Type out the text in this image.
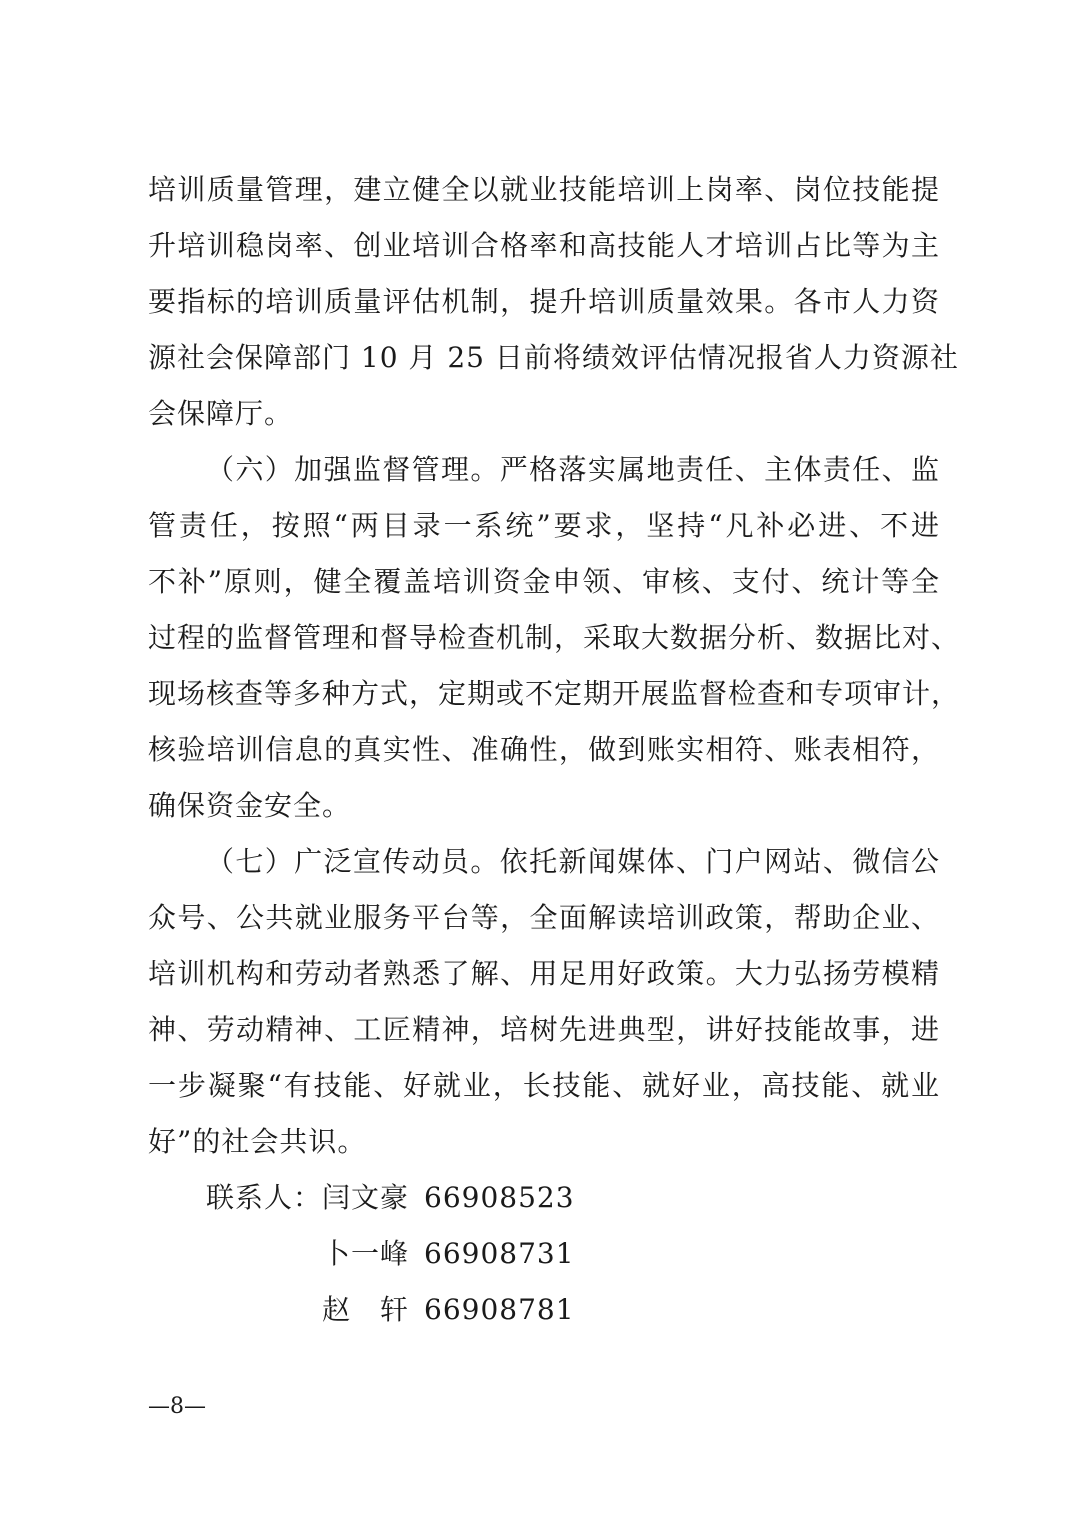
培训质量管理，建立健全以就业技能培训上岗率、岗位技能提
升培训稳岗率、创业培训合格率和高技能人才培训占比等为主
要指标的培训质量评估机制，提升培训质量效果。各市人力资
源社会保障部门 10 月 25 日前将绩效评估情况报省人力资源社
会保障厅。
（六）加强监督管理。严格落实属地责任、主体责任、监
管责任，按照“两目录一系统”要求，坚持“凡补必进、不进
不补”原则，健全覆盖培训资金申领、审核、支付、统计等全
过程的监督管理和督导检查机制，采取大数据分析、数据比对、
现场核查等多种方式，定期或不定期开展监督检查和专项审计，
核验培训信息的真实性、准确性，做到账实相符、账表相符，
确保资金安全。
（七）广泛宣传动员。依托新闻媒体、门户网站、微信公
众号、公共就业服务平台等，全面解读培训政策，帮助企业、
培训机构和劳动者熟悉了解、用足用好政策。大力弘扬劳模精
神、劳动精神、工匠精神，培树先进典型，讲好技能故事，进
一步凝聚“有技能、好就业，长技能、就好业，高技能、就业
好”的社会共识。
联系人： 闫文豪 66908523
卜一峰 66908731
赵　轩 66908781
—8—
